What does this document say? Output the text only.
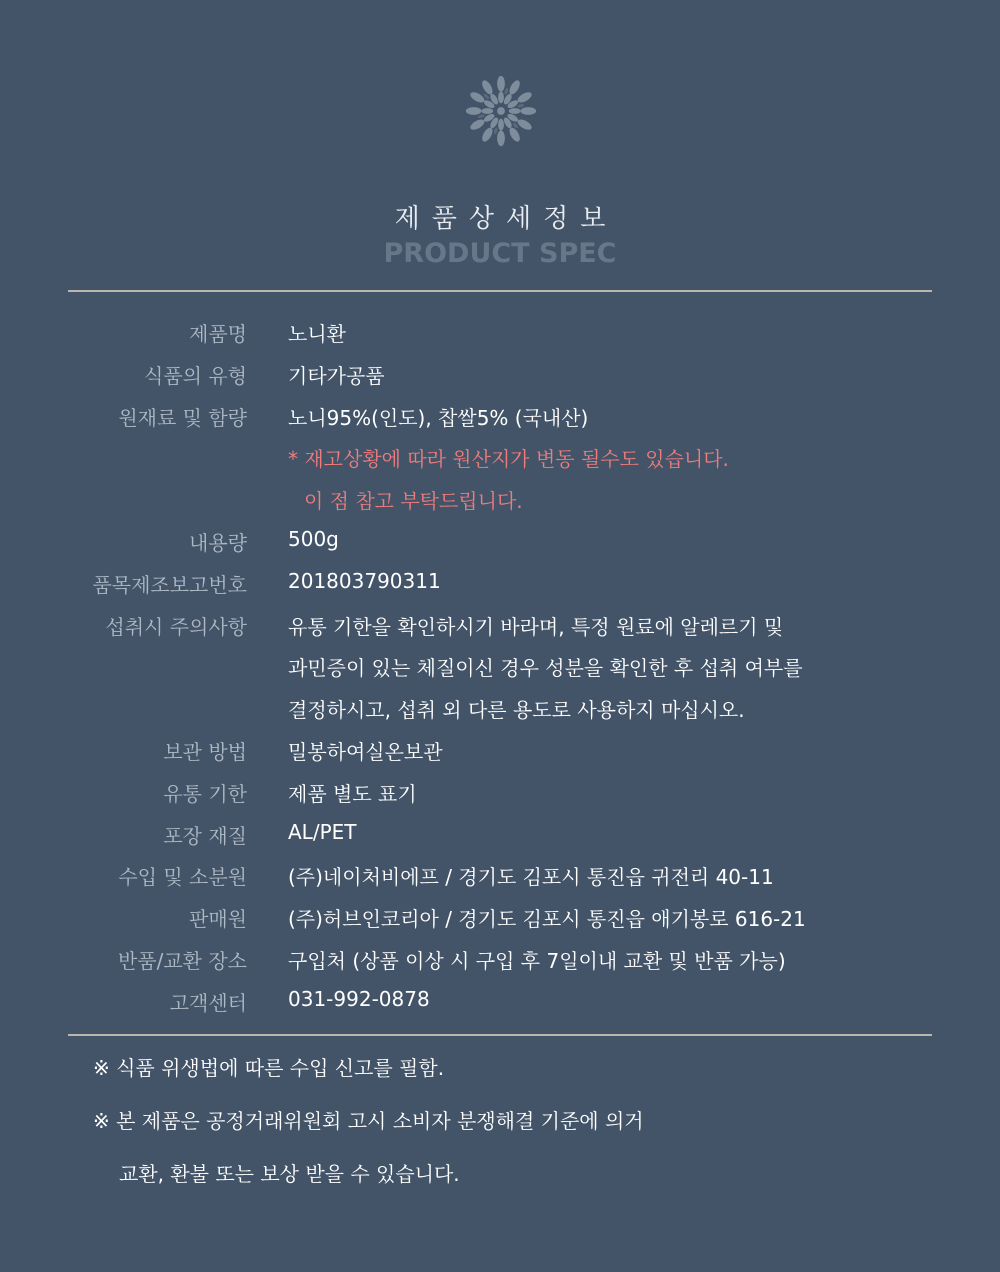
제품상세정보
PRODUCT SPEC
제품명 노니환
식품의 유형 기타가공품
원재료 및 함량 노니95%(인도), 찹쌀5% (국내산)
* 재고상황에 따라 원산지가 변동 될수도 있습니다.
이 점 참고 부탁드립니다.
내용량 500g
품목제조보고번호 201803790311
섭취시 주의사항 유통 기한을 확인하시기 바라며, 특정 원료에 알레르기 및
과민증이 있는 체질이신 경우 성분을 확인한 후 섭취 여부를
결정하시고, 섭취 외 다른 용도로 사용하지 마십시오.
보관 방법 밀봉하여실온보관
유통 기한 제품 별도 표기
포장 재질 AL/PET
수입 및 소분원 (주)네이처비에프 / 경기도 김포시 통진읍 귀전리 40-11
판매원 (주)허브인코리아 / 경기도 김포시 통진읍 애기봉로 616-21
반품/교환 장소 구입처 (상품 이상 시 구입 후 7일이내 교환 및 반품 가능)
고객센터 031-992-0878
※ 식품 위생법에 따른 수입 신고를 필함.
※ 본 제품은 공정거래위원회 고시 소비자 분쟁해결 기준에 의거
교환, 환불 또는 보상 받을 수 있습니다.
